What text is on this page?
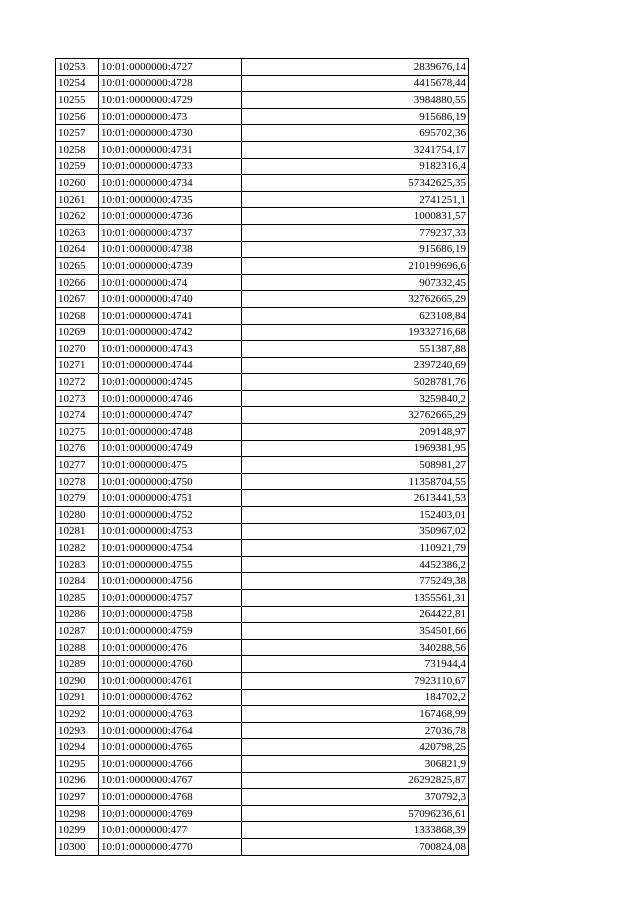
10253	10:01:0000000:4727	2839676,14
10254	10:01:0000000:4728	4415678,44
10255	10:01:0000000:4729	3984880,55
10256	10:01:0000000:473	915686,19
10257	10:01:0000000:4730	695702,36
10258	10:01:0000000:4731	3241754,17
10259	10:01:0000000:4733	9182316,4
10260	10:01:0000000:4734	57342625,35
10261	10:01:0000000:4735	2741251,1
10262	10:01:0000000:4736	1000831,57
10263	10:01:0000000:4737	779237,33
10264	10:01:0000000:4738	915686,19
10265	10:01:0000000:4739	210199696,6
10266	10:01:0000000:474	907332,45
10267	10:01:0000000:4740	32762665,29
10268	10:01:0000000:4741	623108,84
10269	10:01:0000000:4742	19332716,68
10270	10:01:0000000:4743	551387,88
10271	10:01:0000000:4744	2397240,69
10272	10:01:0000000:4745	5028781,76
10273	10:01:0000000:4746	3259840,2
10274	10:01:0000000:4747	32762665,29
10275	10:01:0000000:4748	209148,97
10276	10:01:0000000:4749	1969381,95
10277	10:01:0000000:475	508981,27
10278	10:01:0000000:4750	11358704,55
10279	10:01:0000000:4751	2613441,53
10280	10:01:0000000:4752	152403,01
10281	10:01:0000000:4753	350967,02
10282	10:01:0000000:4754	110921,79
10283	10:01:0000000:4755	4452386,2
10284	10:01:0000000:4756	775249,38
10285	10:01:0000000:4757	1355561,31
10286	10:01:0000000:4758	264422,81
10287	10:01:0000000:4759	354501,66
10288	10:01:0000000:476	340288,56
10289	10:01:0000000:4760	731944,4
10290	10:01:0000000:4761	7923110,67
10291	10:01:0000000:4762	184702,2
10292	10:01:0000000:4763	167468,99
10293	10:01:0000000:4764	27036,78
10294	10:01:0000000:4765	420798,25
10295	10:01:0000000:4766	306821,9
10296	10:01:0000000:4767	26292825,87
10297	10:01:0000000:4768	370792,3
10298	10:01:0000000:4769	57096236,61
10299	10:01:0000000:477	1333868,39
10300	10:01:0000000:4770	700824,08
